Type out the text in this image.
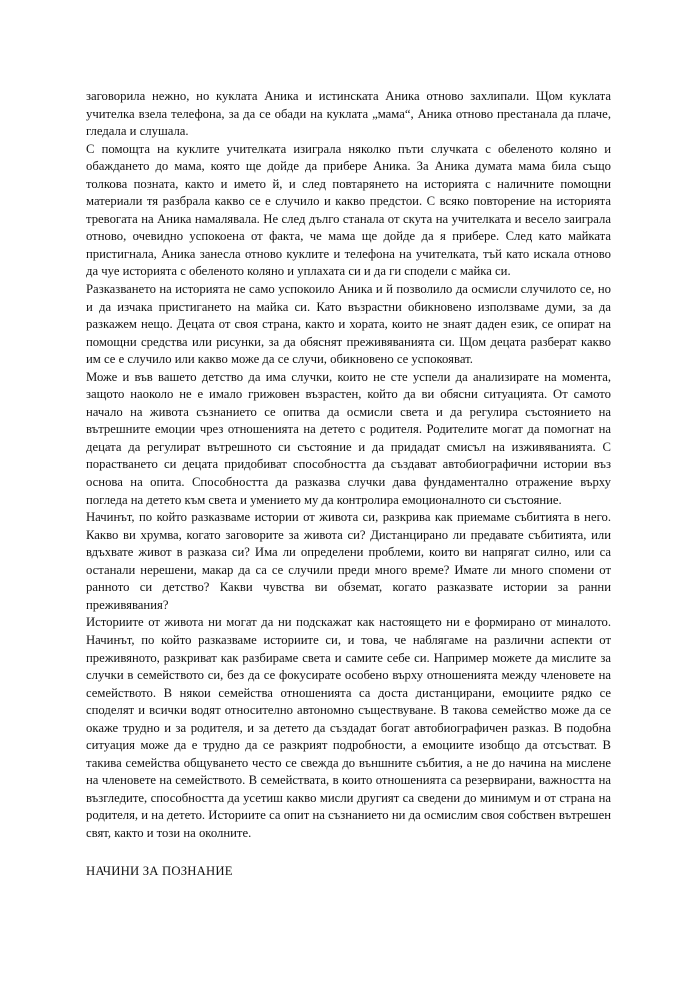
заговорила нежно, но куклата Аника и истинската Аника отново захлипали. Щом куклата учителка взела телефона, за да се обади на куклата „мама“, Аника отново престанала да плаче, гледала и слушала.

С помощта на куклите учителката изиграла няколко пъти случката с обеленото коляно и обаждането до мама, която ще дойде да прибере Аника. За Аника думата мама била също толкова позната, както и името й, и след повтарянето на историята с наличните помощни материали тя разбрала какво се е случило и какво предстои. С всяко повторение на историята тревогата на Аника намалявала. Не след дълго станала от скута на учителката и весело заиграла отново, очевидно успокоена от факта, че мама ще дойде да я прибере. След като майката пристигнала, Аника занесла отново куклите и телефона на учителката, тъй като искала отново да чуе историята с обеленото коляно и уплахата си и да ги сподели с майка си.

Разказването на историята не само успокоило Аника и й позволило да осмисли случилото се, но и да изчака пристигането на майка си. Като възрастни обикновено използваме думи, за да разкажем нещо. Децата от своя страна, както и хората, които не знаят даден език, се опират на помощни средства или рисунки, за да обяснят преживяванията си. Щом децата разберат какво им се е случило или какво може да се случи, обикновено се успокояват.

Може и във вашето детство да има случки, които не сте успели да анализирате на момента, защото наоколо не е имало грижовен възрастен, който да ви обясни ситуацията. От самото начало на живота съзнанието се опитва да осмисли света и да регулира състоянието на вътрешните емоции чрез отношенията на детето с родителя. Родителите могат да помогнат на децата да регулират вътрешното си състояние и да придадат смисъл на изживяванията. С порастването си децата придобиват способността да създават автобиографични истории въз основа на опита. Способността да разказва случки дава фундаментално отражение върху погледа на детето към света и умението му да контролира емоционалното си състояние.

Начинът, по който разказваме истории от живота си, разкрива как приемаме събитията в него. Какво ви хрумва, когато заговорите за живота си? Дистанцирано ли предавате събитията, или вдъхвате живот в разказа си? Има ли определени проблеми, които ви напрягат силно, или са останали нерешени, макар да са се случили преди много време? Имате ли много спомени от ранното си детство? Какви чувства ви обземат, когато разказвате истории за ранни преживявания?

Историите от живота ни могат да ни подскажат как настоящето ни е формирано от миналото. Начинът, по който разказваме историите си, и това, че наблягаме на различни аспекти от преживяното, разкриват как разбираме света и самите себе си. Например можете да мислите за случки в семейството си, без да се фокусирате особено върху отношенията между членовете на семейството. В някои семейства отношенията са доста дистанцирани, емоциите рядко се споделят и всички водят относително автономно съществуване. В такова семейство може да се окаже трудно и за родителя, и за детето да създадат богат автобиографичен разказ. В подобна ситуация може да е трудно да се разкрият подробности, а емоциите изобщо да отсъстват. В такива семейства общуването често се свежда до външните събития, а не до начина на мислене на членовете на семейството. В семействата, в които отношенията са резервирани, важността на възгледите, способността да усетиш какво мисли другият са сведени до минимум и от страна на родителя, и на детето. Историите са опит на съзнанието ни да осмислим своя собствен вътрешен свят, както и този на околните.

НАЧИНИ ЗА ПОЗНАНИЕ
